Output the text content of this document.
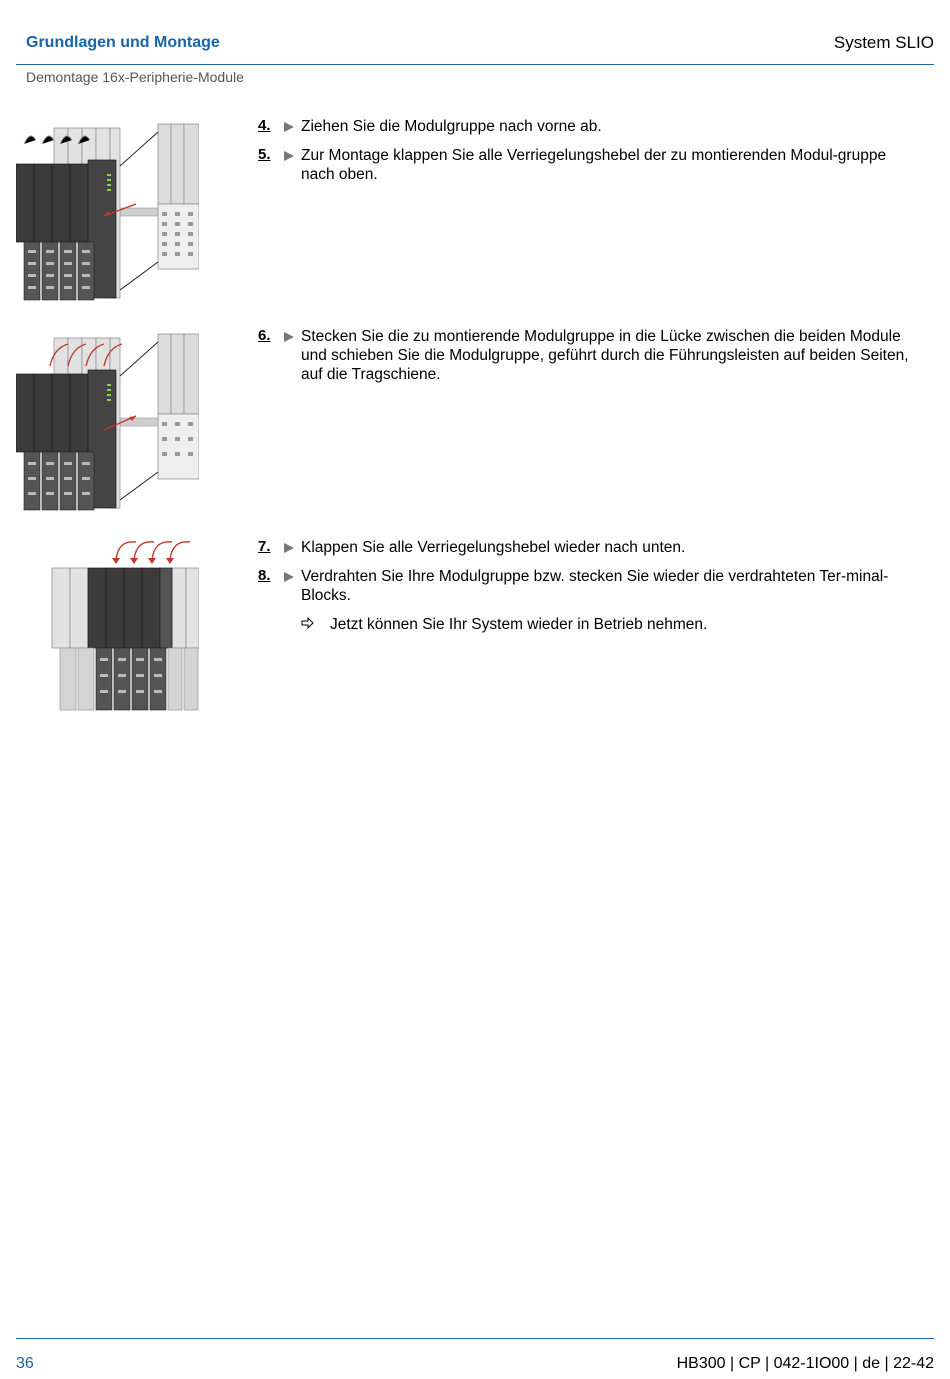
Grundlagen und Montage	System SLIO
Demontage 16x-Peripherie-Module
4. Ziehen Sie die Modulgruppe nach vorne ab.
5. Zur Montage klappen Sie alle Verriegelungshebel der zu montierenden Modul-gruppe nach oben.
6. Stecken Sie die zu montierende Modulgruppe in die Lücke zwischen die beiden Module und schieben Sie die Modulgruppe, geführt durch die Führungsleisten auf beiden Seiten, auf die Tragschiene.
7. Klappen Sie alle Verriegelungshebel wieder nach unten.
8. Verdrahten Sie Ihre Modulgruppe bzw. stecken Sie wieder die verdrahteten Ter-minal-Blocks.
Jetzt können Sie Ihr System wieder in Betrieb nehmen.
36	HB300 | CP | 042-1IO00 | de | 22-42
